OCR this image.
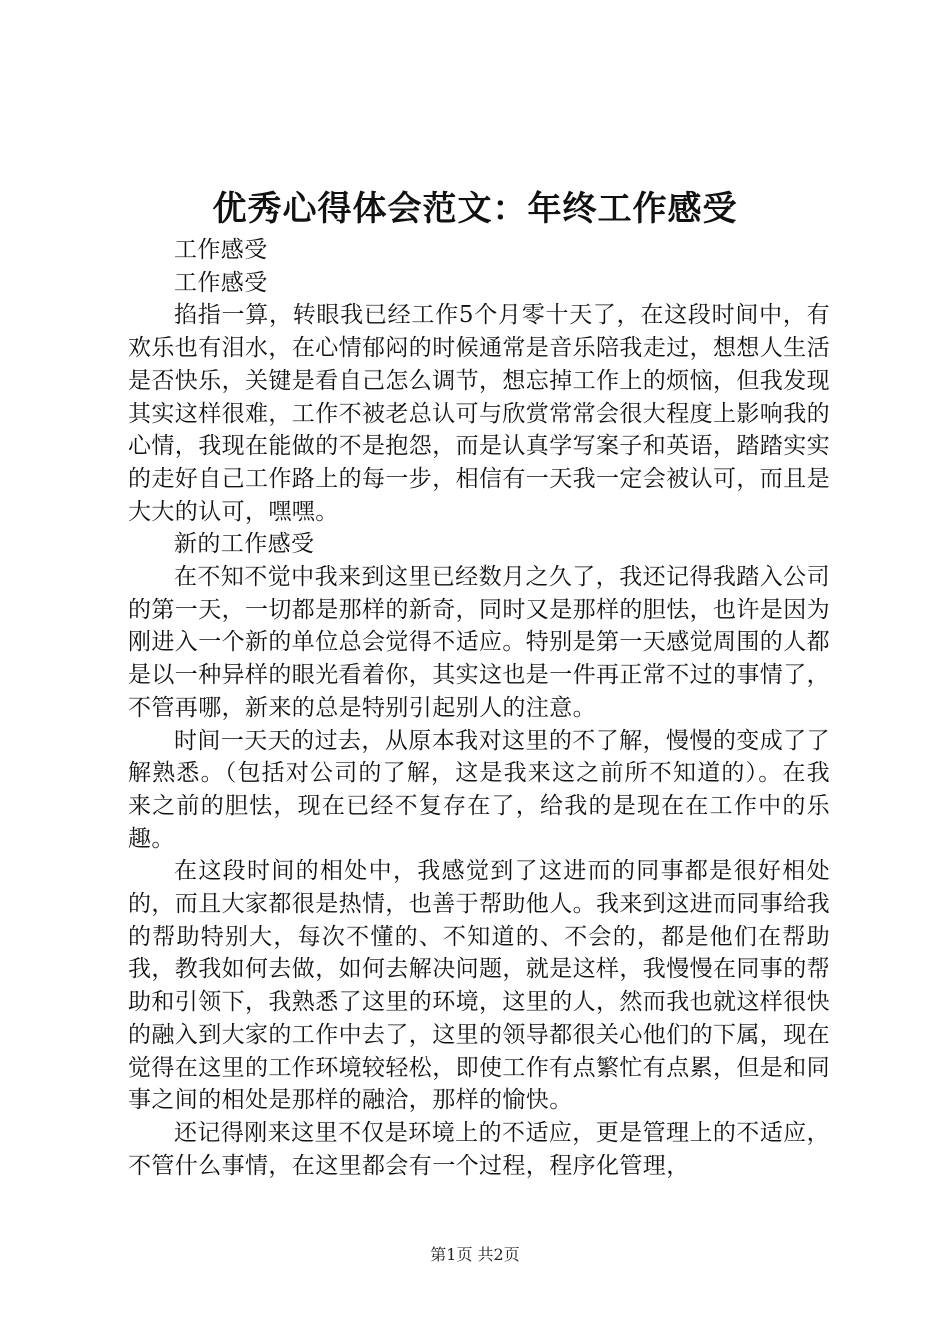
优秀心得体会范文：年终工作感受

工作感受

工作感受

掐指一算，转眼我已经工作5个月零十天了，在这段时间中，有欢乐也有泪水，在心情郁闷的时候通常是音乐陪我走过，想想人生活是否快乐，关键是看自己怎么调节，想忘掉工作上的烦恼，但我发现其实这样很难，工作不被老总认可与欣赏常常会很大程度上影响我的心情，我现在能做的不是抱怨，而是认真学写案子和英语，踏踏实实的走好自己工作路上的每一步，相信有一天我一定会被认可，而且是大大的认可，嘿嘿。

新的工作感受

在不知不觉中我来到这里已经数月之久了，我还记得我踏入公司的第一天，一切都是那样的新奇，同时又是那样的胆怯，也许是因为刚进入一个新的单位总会觉得不适应。特别是第一天感觉周围的人都是以一种异样的眼光看着你，其实这也是一件再正常不过的事情了，不管再哪，新来的总是特别引起别人的注意。

时间一天天的过去，从原本我对这里的不了解，慢慢的变成了了解熟悉。（包括对公司的了解，这是我来这之前所不知道的）。在我来之前的胆怯，现在已经不复存在了，给我的是现在在工作中的乐趣。

在这段时间的相处中，我感觉到了这进而的同事都是很好相处的，而且大家都很是热情，也善于帮助他人。我来到这进而同事给我的帮助特别大，每次不懂的、不知道的、不会的，都是他们在帮助我，教我如何去做，如何去解决问题，就是这样，我慢慢在同事的帮助和引领下，我熟悉了这里的环境，这里的人，然而我也就这样很快的融入到大家的工作中去了，这里的领导都很关心他们的下属，现在觉得在这里的工作环境较轻松，即使工作有点繁忙有点累，但是和同事之间的相处是那样的融洽，那样的愉快。

还记得刚来这里不仅是环境上的不适应，更是管理上的不适应，不管什么事情，在这里都会有一个过程，程序化管理，

第1页 共2页
